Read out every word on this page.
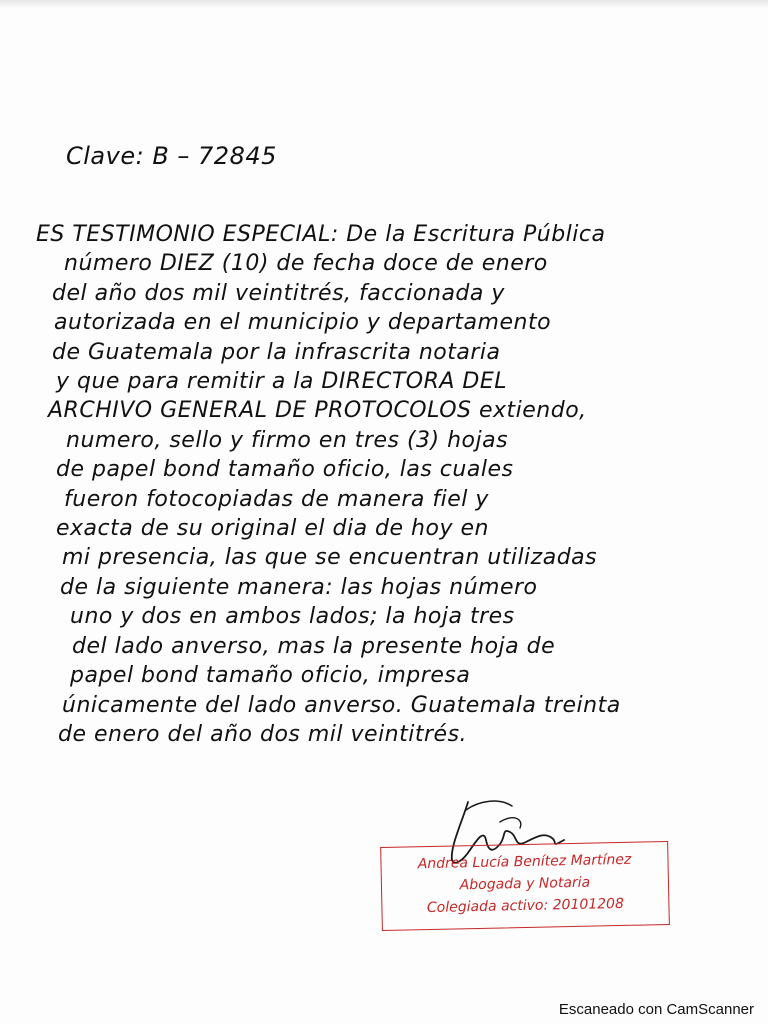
Clave: B – 72845
ES TESTIMONIO ESPECIAL: De la Escritura Pública
número DIEZ (10) de fecha doce de enero
del año dos mil veintitrés, faccionada y
autorizada en el municipio y departamento
de Guatemala por la infrascrita notaria
y que para remitir a la DIRECTORA DEL
ARCHIVO GENERAL DE PROTOCOLOS extiendo,
numero, sello y firmo en tres (3) hojas
de papel bond tamaño oficio, las cuales
fueron fotocopiadas de manera fiel y
exacta de su original el dia de hoy en
mi presencia, las que se encuentran utilizadas
de la siguiente manera: las hojas número
uno y dos en ambos lados; la hoja tres
del lado anverso, mas la presente hoja de
papel bond tamaño oficio, impresa
únicamente del lado anverso. Guatemala treinta
de enero del año dos mil veintitrés.
Andrea Lucía Benítez Martínez
Abogada y Notaria
Colegiada activo: 20101208
Escaneado con CamScanner
